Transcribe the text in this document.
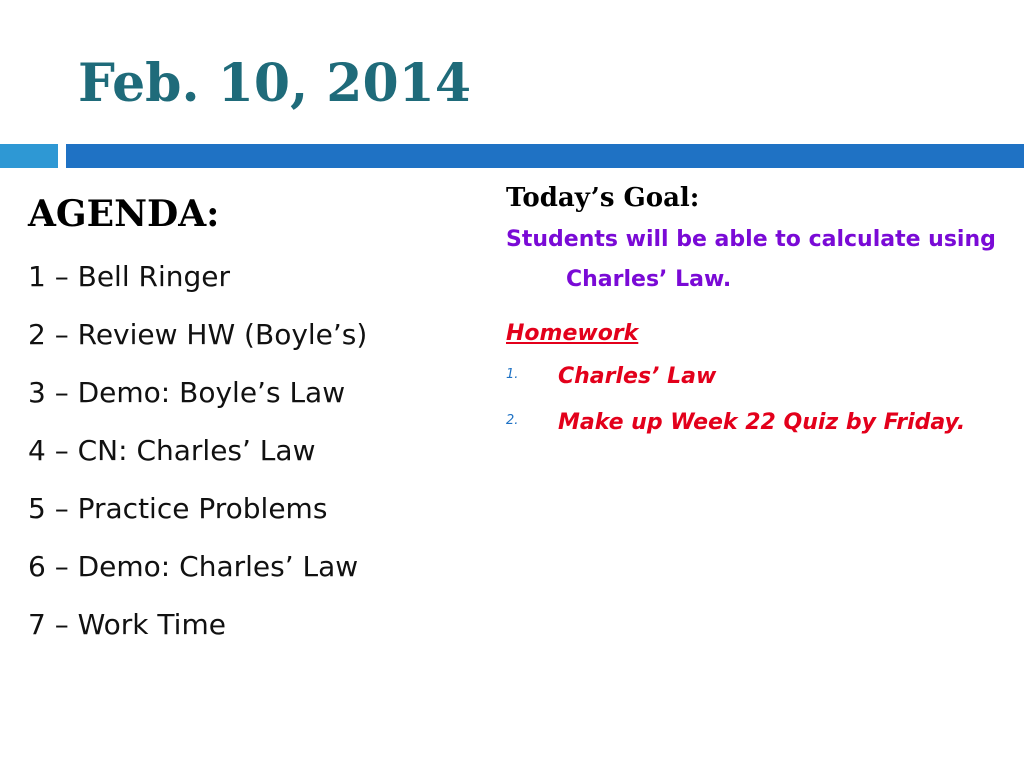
Feb. 10, 2014
AGENDA:
1 – Bell Ringer
2 – Review HW (Boyle’s)
3 – Demo: Boyle’s Law
4 – CN: Charles’ Law
5 – Practice Problems
6 – Demo: Charles’ Law
7 – Work Time
Today’s Goal:
Students will be able to calculate using Charles’ Law.
Homework
1. Charles’ Law
2. Make up Week 22 Quiz by Friday.
